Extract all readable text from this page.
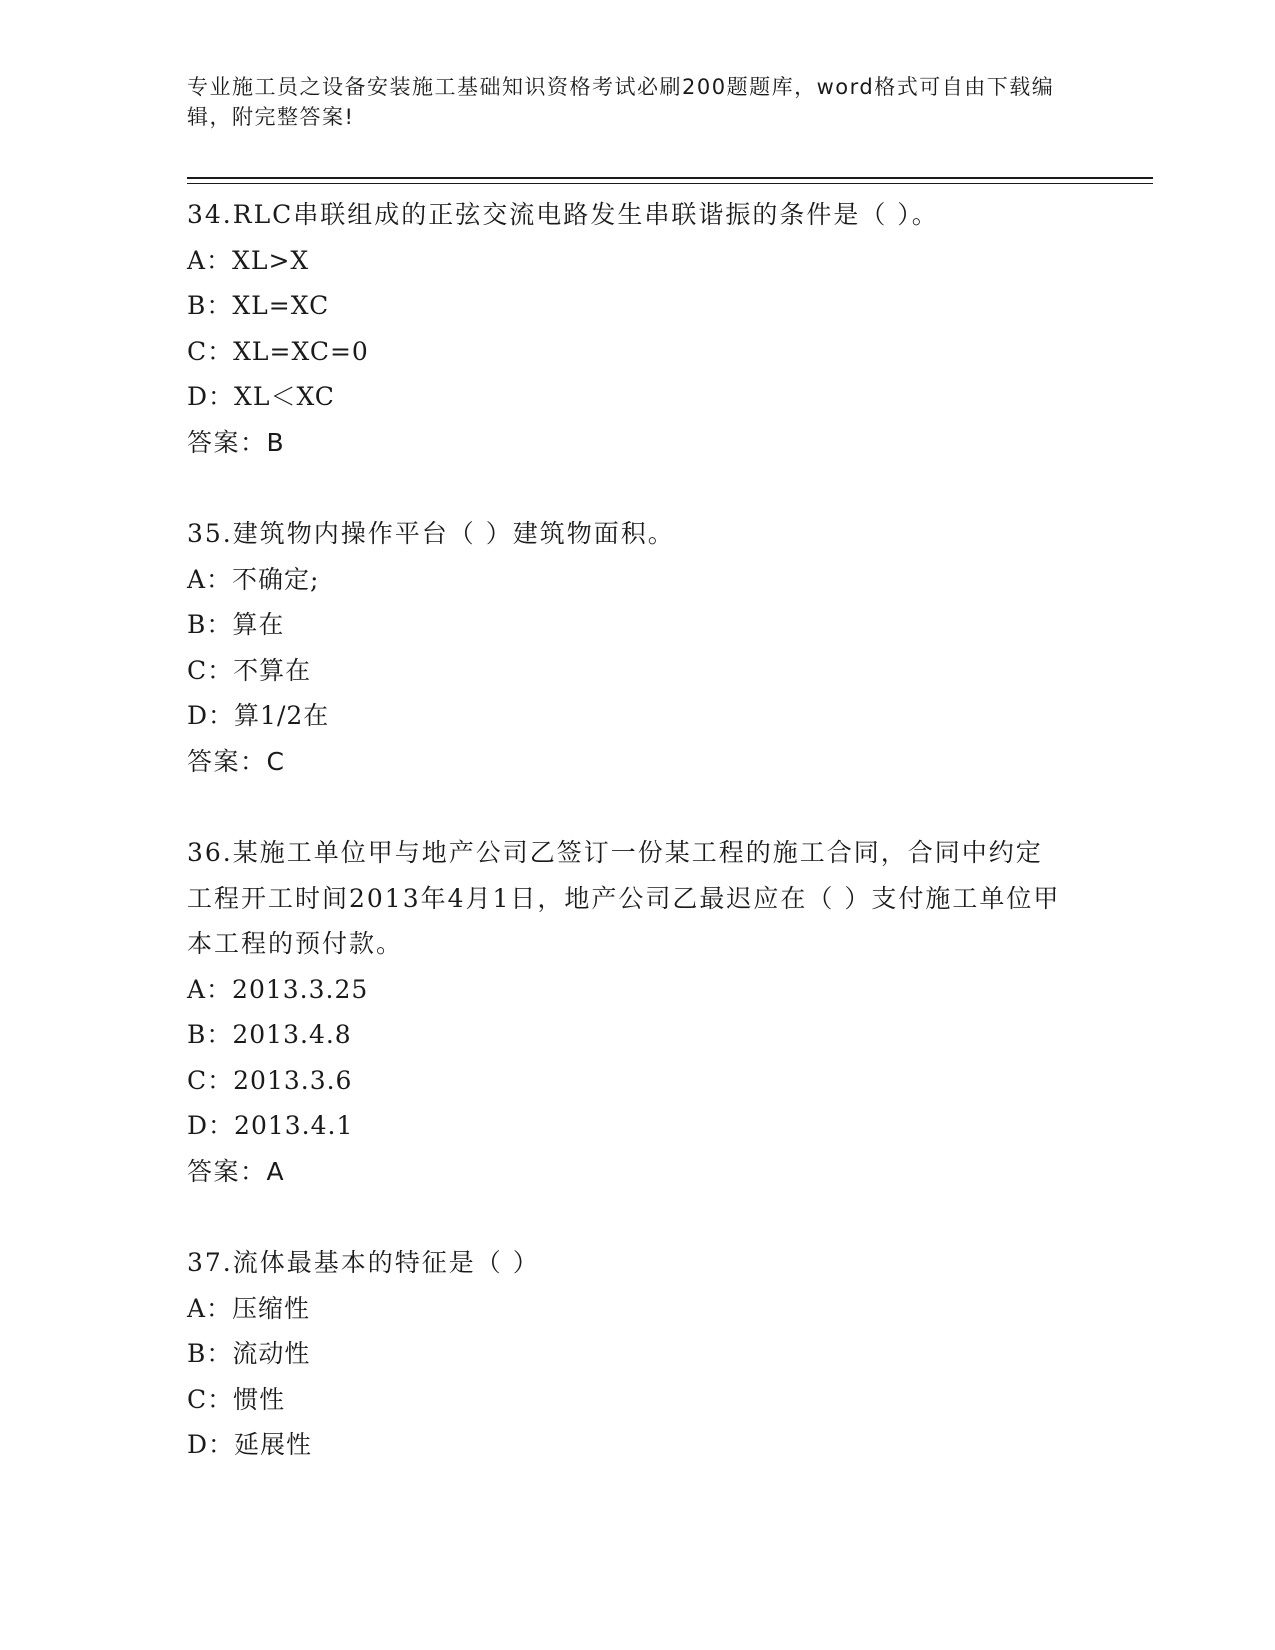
专业施工员之设备安装施工基础知识资格考试必刷200题题库，word格式可自由下载编辑，附完整答案!

34.RLC串联组成的正弦交流电路发生串联谐振的条件是（ ）。

A：XL>X

B：XL=XC

C：XL=XC=0

D：XL＜XC

答案：B

35.建筑物内操作平台（ ）建筑物面积。

A：不确定;

B：算在

C：不算在

D：算1/2在

答案：C

36.某施工单位甲与地产公司乙签订一份某工程的施工合同，合同中约定工程开工时间2013年4月1日，地产公司乙最迟应在（ ）支付施工单位甲本工程的预付款。

A：2013.3.25

B：2013.4.8

C：2013.3.6

D：2013.4.1

答案：A

37.流体最基本的特征是（ ）

A：压缩性

B：流动性

C：惯性

D：延展性
